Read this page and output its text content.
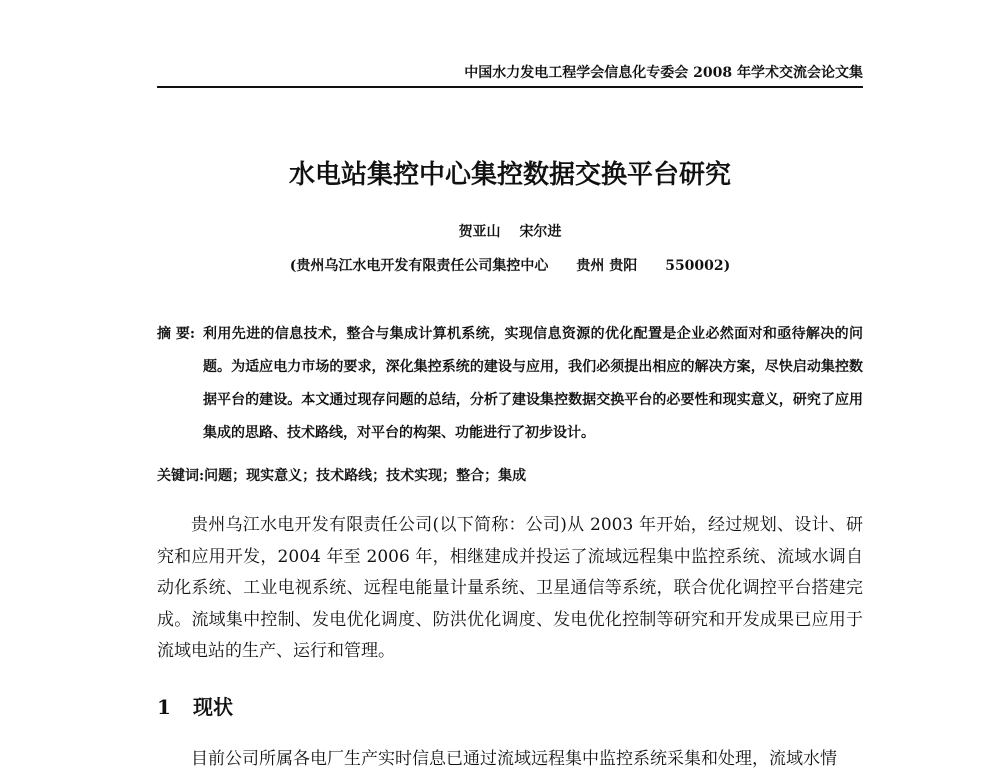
中国水力发电工程学会信息化专委会 2008 年学术交流会论文集
水电站集控中心集控数据交换平台研究
贺亚山 宋尔进
(贵州乌江水电开发有限责任公司集控中心　　贵州 贵阳　　550002)
摘 要: 利用先进的信息技术，整合与集成计算机系统，实现信息资源的优化配置是企业必然面对和亟待解决的问题。为适应电力市场的要求，深化集控系统的建设与应用，我们必须提出相应的解决方案，尽快启动集控数据平台的建设。本文通过现存问题的总结，分析了建设集控数据交换平台的必要性和现实意义，研究了应用集成的思路、技术路线，对平台的构架、功能进行了初步设计。
关键词:问题；现实意义；技术路线；技术实现；整合；集成
贵州乌江水电开发有限责任公司(以下简称：公司)从 2003 年开始，经过规划、设计、研究和应用开发，2004 年至 2006 年，相继建成并投运了流域远程集中监控系统、流域水调自动化系统、工业电视系统、远程电能量计量系统、卫星通信等系统，联合优化调控平台搭建完成。流域集中控制、发电优化调度、防洪优化调度、发电优化控制等研究和开发成果已应用于流域电站的生产、运行和管理。
1 现状
目前公司所属各电厂生产实时信息已通过流域远程集中监控系统采集和处理，流域水情
